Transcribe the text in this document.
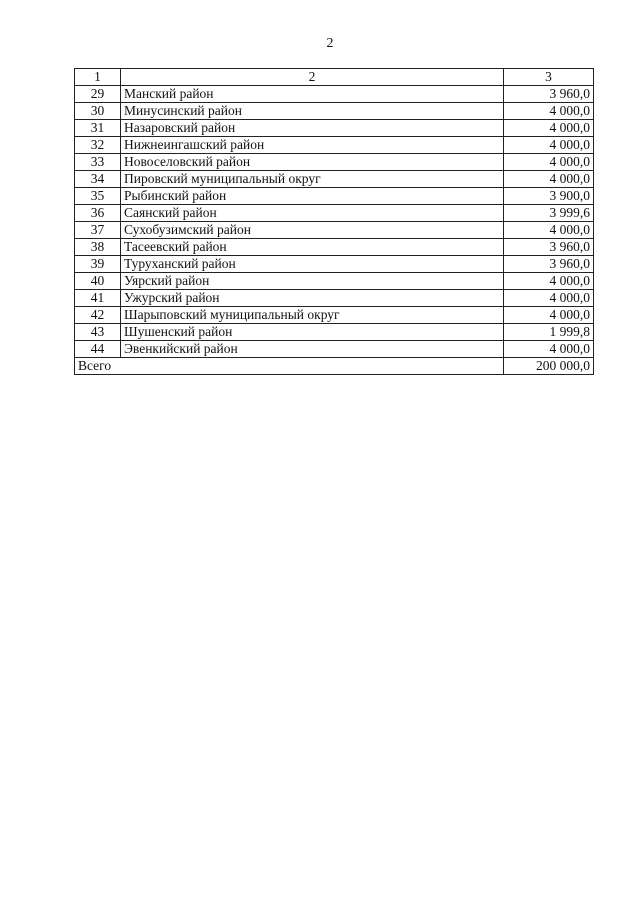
2
1	2	3
29	Манский район	3 960,0
30	Минусинский район	4 000,0
31	Назаровский район	4 000,0
32	Нижнеингашский район	4 000,0
33	Новоселовский район	4 000,0
34	Пировский муниципальный округ	4 000,0
35	Рыбинский район	3 900,0
36	Саянский район	3 999,6
37	Сухобузимский район	4 000,0
38	Тасеевский район	3 960,0
39	Туруханский район	3 960,0
40	Уярский район	4 000,0
41	Ужурский район	4 000,0
42	Шарыповский муниципальный округ	4 000,0
43	Шушенский район	1 999,8
44	Эвенкийский район	4 000,0
Всего		200 000,0
